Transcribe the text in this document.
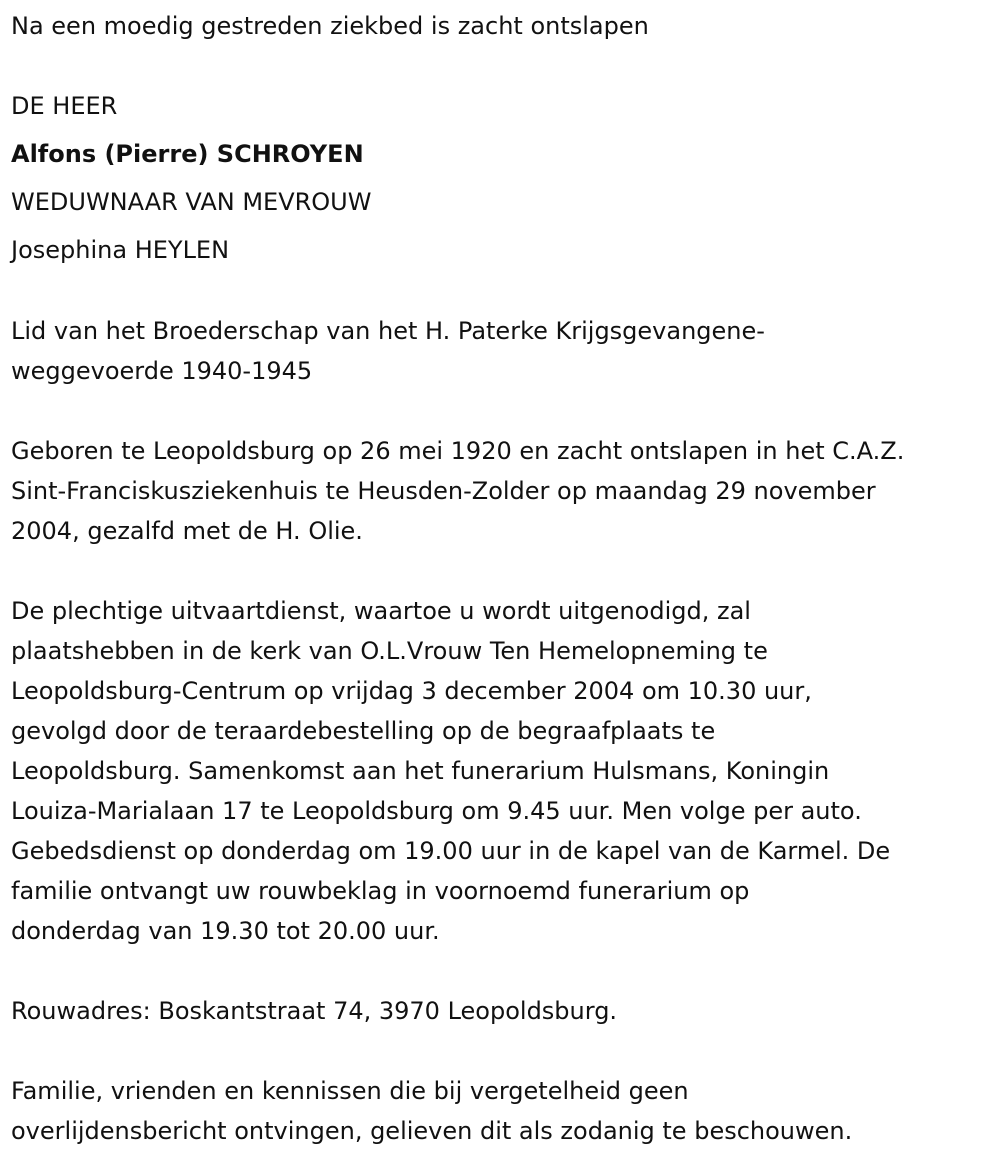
Na een moedig gestreden ziekbed is zacht ontslapen

DE HEER

Alfons (Pierre) SCHROYEN

WEDUWNAAR VAN MEVROUW

Josephina HEYLEN

Lid van het Broederschap van het H. Paterke Krijgsgevangene-

weggevoerde 1940-1945

Geboren te Leopoldsburg op 26 mei 1920 en zacht ontslapen in het C.A.Z.

Sint-Franciskusziekenhuis te Heusden-Zolder op maandag 29 november

2004, gezalfd met de H. Olie.

De plechtige uitvaartdienst, waartoe u wordt uitgenodigd, zal

plaatshebben in de kerk van O.L.Vrouw Ten Hemelopneming te

Leopoldsburg-Centrum op vrijdag 3 december 2004 om 10.30 uur,

gevolgd door de teraardebestelling op de begraafplaats te

Leopoldsburg. Samenkomst aan het funerarium Hulsmans, Koningin

Louiza-Marialaan 17 te Leopoldsburg om 9.45 uur. Men volge per auto.

Gebedsdienst op donderdag om 19.00 uur in de kapel van de Karmel. De

familie ontvangt uw rouwbeklag in voornoemd funerarium op

donderdag van 19.30 tot 20.00 uur.

Rouwadres: Boskantstraat 74, 3970 Leopoldsburg.

Familie, vrienden en kennissen die bij vergetelheid geen

overlijdensbericht ontvingen, gelieven dit als zodanig te beschouwen.
